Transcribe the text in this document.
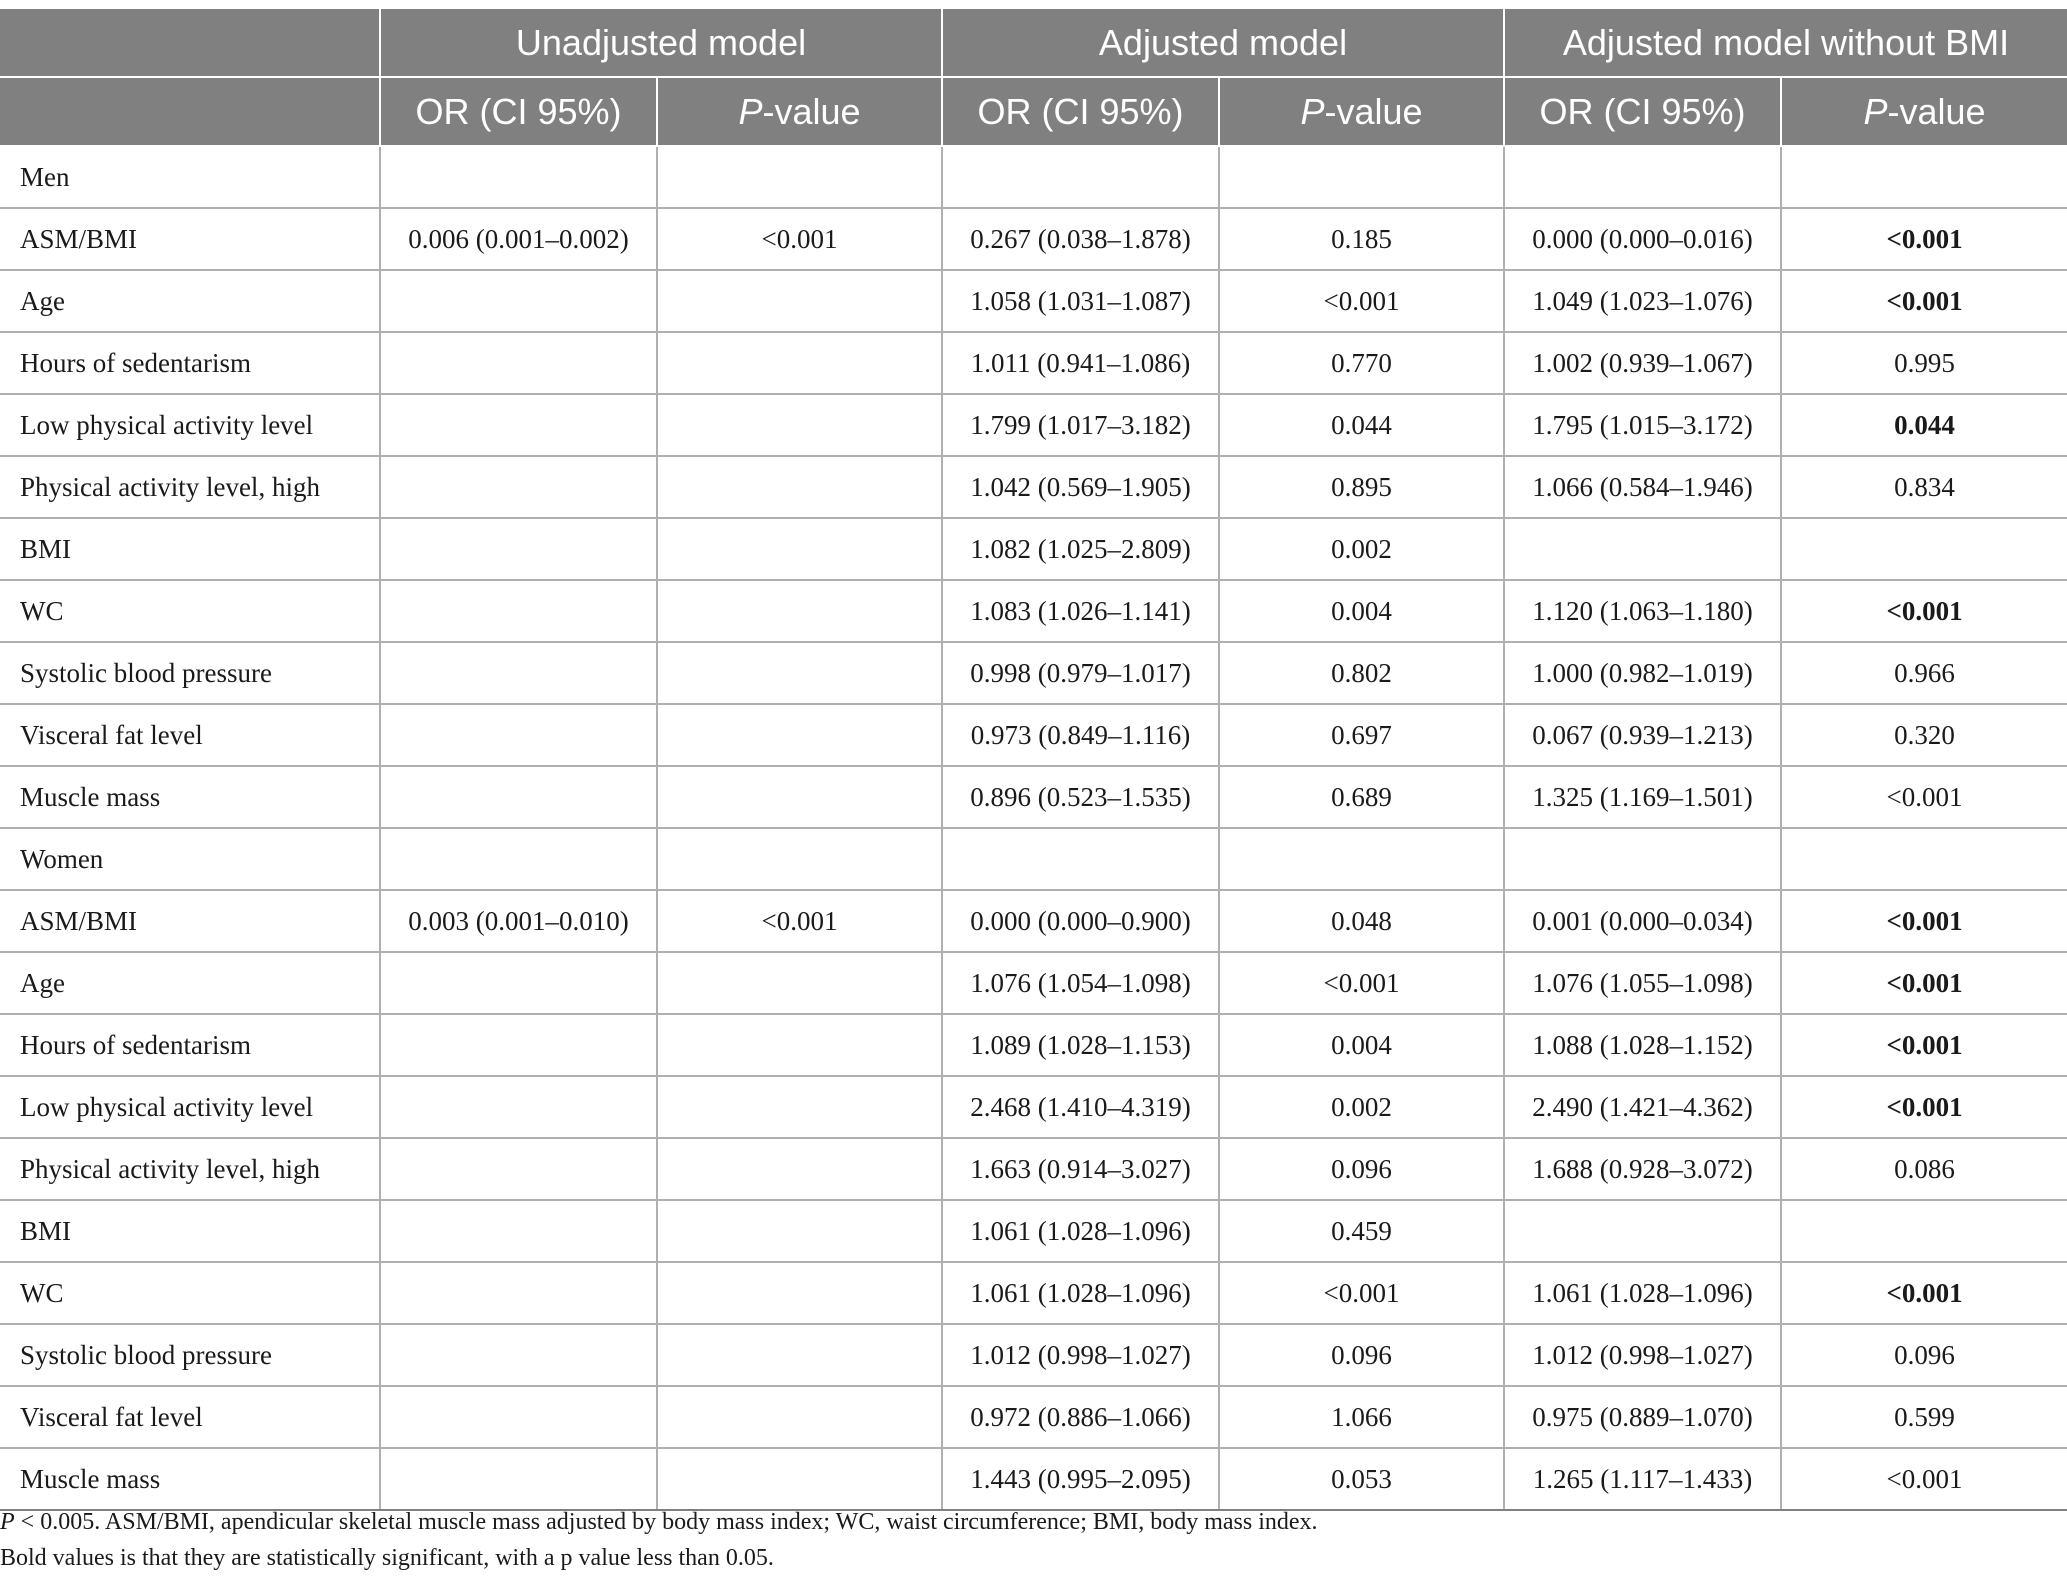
	Unadjusted model		Adjusted model		Adjusted model without BMI	
	OR (CI 95%)	P-value	OR (CI 95%)	P-value	OR (CI 95%)	P-value
Men						
ASM/BMI	0.006 (0.001–0.002)	<0.001	0.267 (0.038–1.878)	0.185	0.000 (0.000–0.016)	<0.001
Age			1.058 (1.031–1.087)	<0.001	1.049 (1.023–1.076)	<0.001
Hours of sedentarism			1.011 (0.941–1.086)	0.770	1.002 (0.939–1.067)	0.995
Low physical activity level			1.799 (1.017–3.182)	0.044	1.795 (1.015–3.172)	0.044
Physical activity level, high			1.042 (0.569–1.905)	0.895	1.066 (0.584–1.946)	0.834
BMI			1.082 (1.025–2.809)	0.002		
WC			1.083 (1.026–1.141)	0.004	1.120 (1.063–1.180)	<0.001
Systolic blood pressure			0.998 (0.979–1.017)	0.802	1.000 (0.982–1.019)	0.966
Visceral fat level			0.973 (0.849–1.116)	0.697	0.067 (0.939–1.213)	0.320
Muscle mass			0.896 (0.523–1.535)	0.689	1.325 (1.169–1.501)	<0.001
Women						
ASM/BMI	0.003 (0.001–0.010)	<0.001	0.000 (0.000–0.900)	0.048	0.001 (0.000–0.034)	<0.001
Age			1.076 (1.054–1.098)	<0.001	1.076 (1.055–1.098)	<0.001
Hours of sedentarism			1.089 (1.028–1.153)	0.004	1.088 (1.028–1.152)	<0.001
Low physical activity level			2.468 (1.410–4.319)	0.002	2.490 (1.421–4.362)	<0.001
Physical activity level, high			1.663 (0.914–3.027)	0.096	1.688 (0.928–3.072)	0.086
BMI			1.061 (1.028–1.096)	0.459		
WC			1.061 (1.028–1.096)	<0.001	1.061 (1.028–1.096)	<0.001
Systolic blood pressure			1.012 (0.998–1.027)	0.096	1.012 (0.998–1.027)	0.096
Visceral fat level			0.972 (0.886–1.066)	1.066	0.975 (0.889–1.070)	0.599
Muscle mass			1.443 (0.995–2.095)	0.053	1.265 (1.117–1.433)	<0.001

P < 0.005. ASM/BMI, apendicular skeletal muscle mass adjusted by body mass index; WC, waist circumference; BMI, body mass index.

Bold values is that they are statistically significant, with a p value less than 0.05.
